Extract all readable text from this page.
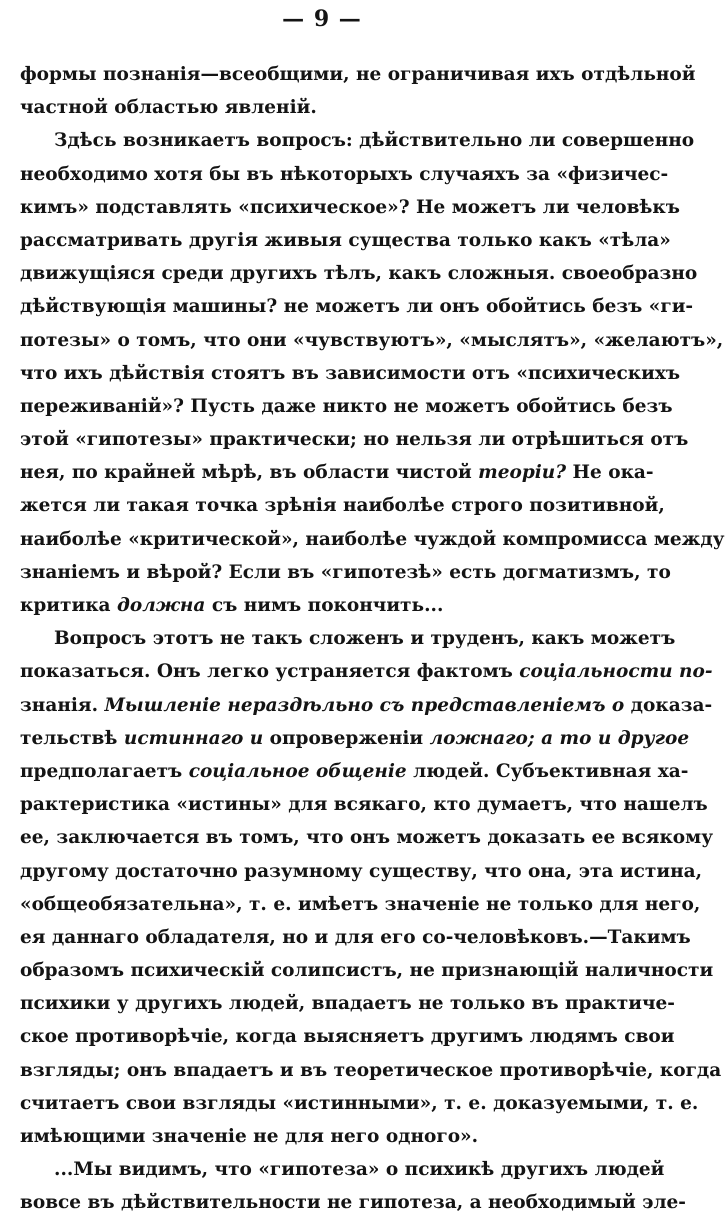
— 9 —
формы познанія—всеобщими, не ограничивая ихъ отдѣльной
частной областью явленій.
Здѣсь возникаетъ вопросъ: дѣйствительно ли совершенно
необходимо хотя бы въ нѣкоторыхъ случаяхъ за «физичес-
кимъ» подставлять «психическое»? Не можетъ ли человѣкъ
рассматривать другія живыя существа только какъ «тѣла»
движущіяся среди другихъ тѣлъ, какъ сложныя. своеобразно
дѣйствующія машины? не можетъ ли онъ обойтись безъ «ги-
потезы» о томъ, что они «чувствуютъ», «мыслятъ», «желаютъ»,
что ихъ дѣйствія стоятъ въ зависимости отъ «психическихъ
переживаній»? Пусть даже никто не можетъ обойтись безъ
этой «гипотезы» практически; но нельзя ли отрѣшиться отъ
нея, по крайней мѣрѣ, въ области чистой теоріи? Не ока-
жется ли такая точка зрѣнія наиболѣе строго позитивной,
наиболѣе «критической», наиболѣе чуждой компромисса между
знаніемъ и вѣрой? Если въ «гипотезѣ» есть догматизмъ, то
критика должна съ нимъ покончить...
Вопросъ этотъ не такъ сложенъ и труденъ, какъ можетъ
показаться. Онъ легко устраняется фактомъ соціальности по-
знанія. Мышленіе нераздѣльно съ представленіемъ о доказа-
тельствѣ истиннаго и опроверженіи ложнаго; а то и другое
предполагаетъ соціальное общеніе людей. Субъективная ха-
рактеристика «истины» для всякаго, кто думаетъ, что нашелъ
ее, заключается въ томъ, что онъ можетъ доказать ее всякому
другому достаточно разумному существу, что она, эта истина,
«общеобязательна», т. е. имѣетъ значеніе не только для него,
ея даннаго обладателя, но и для его со-человѣковъ.—Такимъ
образомъ психическій солипсистъ, не признающій наличности
психики у другихъ людей, впадаетъ не только въ практиче-
ское противорѣчіе, когда выясняетъ другимъ людямъ свои
взгляды; онъ впадаетъ и въ теоретическое противорѣчіе, когда
считаетъ свои взгляды «истинными», т. е. доказуемыми, т. е.
имѣющими значеніе не для него одного».
...Мы видимъ, что «гипотеза» о психикѣ другихъ людей
вовсе въ дѣйствительности не гипотеза, а необходимый эле-
